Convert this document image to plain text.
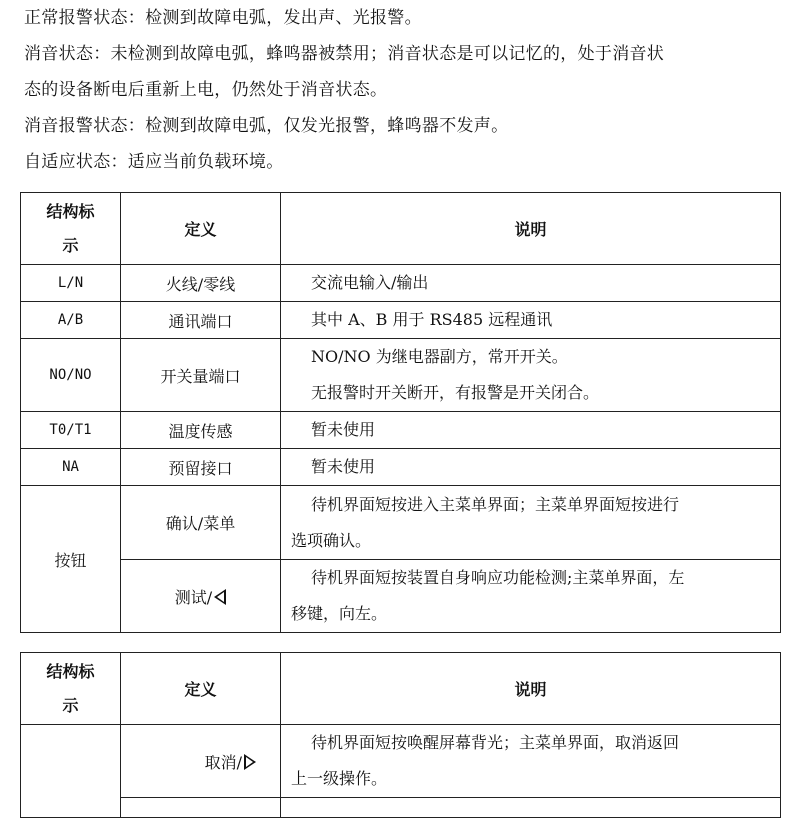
正常报警状态：检测到故障电弧，发出声、光报警。

消音状态：未检测到故障电弧，蜂鸣器被禁用；消音状态是可以记忆的，处于消音状

态的设备断电后重新上电，仍然处于消音状态。

消音报警状态：检测到故障电弧，仅发光报警，蜂鸣器不发声。

自适应状态：适应当前负载环境。

结构标
示	定义	说明
L/N	火线/零线	交流电输入/输出

A/B	通讯端口	其中 A、B 用于 RS485 远程通讯

NO/NO	开关量端口	NO/NO 为继电器副方，常开开关。
无报警时开关断开，有报警是开关闭合。

T0/T1	温度传感	暂未使用

NA	预留接口	暂未使用

按钮	确认/菜单	待机界面短按进入主菜单界面；主菜单界面短按进行
选项确认。

	测试/	待机界面短按装置自身响应功能检测;主菜单界面，左
移键，向左。
结构标
示	定义	说明
	取消/	待机界面短按唤醒屏幕背光；主菜单界面，取消返回
上一级操作。
